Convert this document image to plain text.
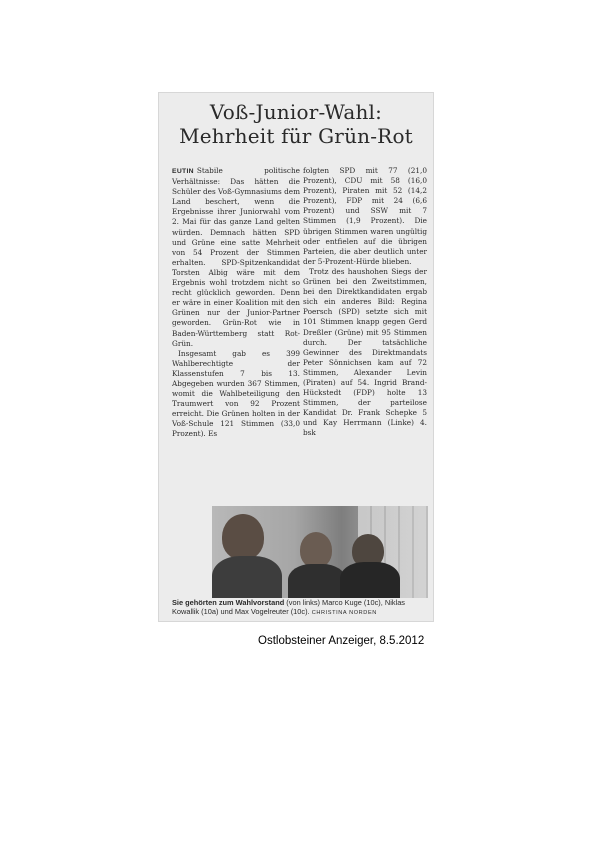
Voß-Junior-Wahl:
Mehrheit für Grün-Rot

EUTIN Stabile politische Verhältnisse: Das hätten die Schüler des Voß-Gymnasiums dem Land beschert, wenn die Ergebnisse ihrer Juniorwahl vom 2. Mai für das ganze Land gelten würden. Demnach hätten SPD und Grüne eine satte Mehrheit von 54 Prozent der Stimmen erhalten. SPD-Spitzenkandidat Torsten Albig wäre mit dem Ergebnis wohl trotzdem nicht so recht glücklich geworden. Denn er wäre in einer Koalition mit den Grünen nur der Junior-Partner geworden. Grün-Rot wie in Baden-Württemberg statt Rot-Grün.

Insgesamt gab es 399 Wahlberechtigte der Klassenstufen 7 bis 13. Abgegeben wurden 367 Stimmen, womit die Wahlbeteiligung den Traumwert von 92 Prozent erreicht. Die Grünen holten in der Voß-Schule 121 Stimmen (33,0 Prozent). Es

folgten SPD mit 77 (21,0 Prozent), CDU mit 58 (16,0 Prozent), Piraten mit 52 (14,2 Prozent), FDP mit 24 (6,6 Prozent) und SSW mit 7 Stimmen (1,9 Prozent). Die übrigen Stimmen waren ungültig oder entfielen auf die übrigen Parteien, die aber deutlich unter der 5-Prozent-Hürde blieben.

Trotz des haushohen Siegs der Grünen bei den Zweitstimmen, bei den Direktkandidaten ergab sich ein anderes Bild: Regina Poersch (SPD) setzte sich mit 101 Stimmen knapp gegen Gerd Dreßler (Grüne) mit 95 Stimmen durch. Der tatsächliche Gewinner des Direktmandats Peter Sönnichsen kam auf 72 Stimmen, Alexander Levin (Piraten) auf 54. Ingrid Brand-Hückstedt (FDP) holte 13 Stimmen, der parteilose Kandidat Dr. Frank Schepke 5 und Kay Herrmann (Linke) 4. bsk

Sie gehörten zum Wahlvorstand (von links) Marco Kuge (10c), Niklas Kowallik (10a) und Max Vogelreuter (10c). CHRISTINA NORDEN
Ostlobsteiner Anzeiger, 8.5.2012
